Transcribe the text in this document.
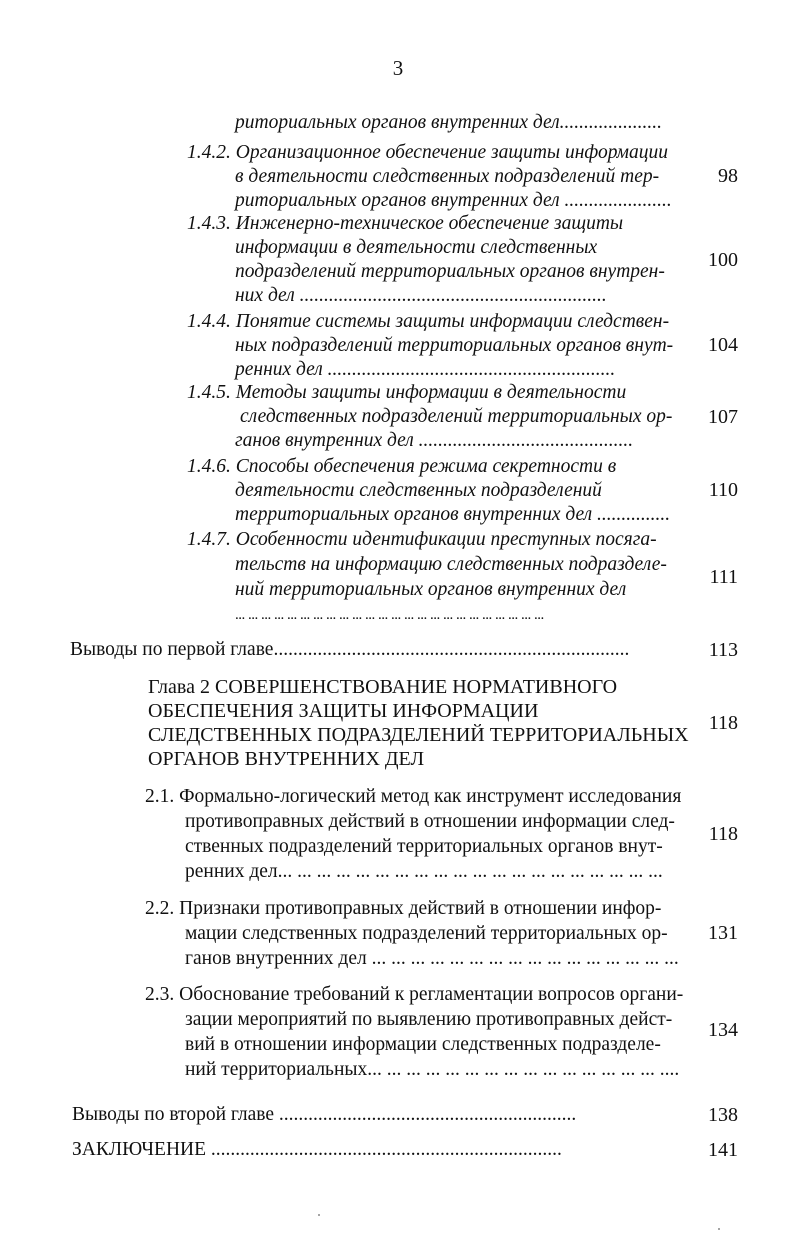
3
риториальных органов внутренних дел.....................
1.4.2. Организационное обеспечение защиты информации
в деятельности следственных подразделений тер-
риториальных органов внутренних дел ......................
98
1.4.3. Инженерно-техническое обеспечение защиты
информации в деятельности следственных
подразделений территориальных органов внутрен-
них дел ...............................................................
100
1.4.4. Понятие системы защиты информации следствен-
ных подразделений территориальных органов внут-
ренних дел ...........................................................
104
1.4.5. Методы защиты информации в деятельности
следственных подразделений территориальных ор-
ганов внутренних дел ............................................
107
1.4.6. Способы обеспечения режима секретности в
деятельности следственных подразделений
территориальных органов внутренних дел ...............
110
1.4.7. Особенности идентификации преступных посяга-
тельств на информацию следственных подразделе-
ний территориальных органов внутренних дел
... ... ... ... ... ... ... ... ... ... ... ... ... ... ... ... ... ... ... ... ... ... ... ...
111
Выводы по первой главе.........................................................................	113
Глава 2 СОВЕРШЕНСТВОВАНИЕ НОРМАТИВНОГО
ОБЕСПЕЧЕНИЯ ЗАЩИТЫ ИНФОРМАЦИИ
СЛЕДСТВЕННЫХ ПОДРАЗДЕЛЕНИЙ ТЕРРИТОРИАЛЬНЫХ
ОРГАНОВ ВНУТРЕННИХ ДЕЛ
118
2.1. Формально-логический метод как инструмент исследования
противоправных действий в отношении информации след-
ственных подразделений территориальных органов внут-
ренних дел... ... ... ... ... ... ... ... ... ... ... ... ... ... ... ... ... ... ... ...
118
2.2. Признаки противоправных действий в отношении инфор-
мации следственных подразделений территориальных ор-
ганов внутренних дел ... ... ... ... ... ... ... ... ... ... ... ... ... ... ... ...
131
2.3. Обоснование требований к регламентации вопросов органи-
зации мероприятий по выявлению противоправных дейст-
вий в отношении информации следственных подразделе-
ний территориальных... ... ... ... ... ... ... ... ... ... ... ... ... ... ... ....
134
Выводы по второй главе .............................................................	138
ЗАКЛЮЧЕНИЕ ........................................................................	141
